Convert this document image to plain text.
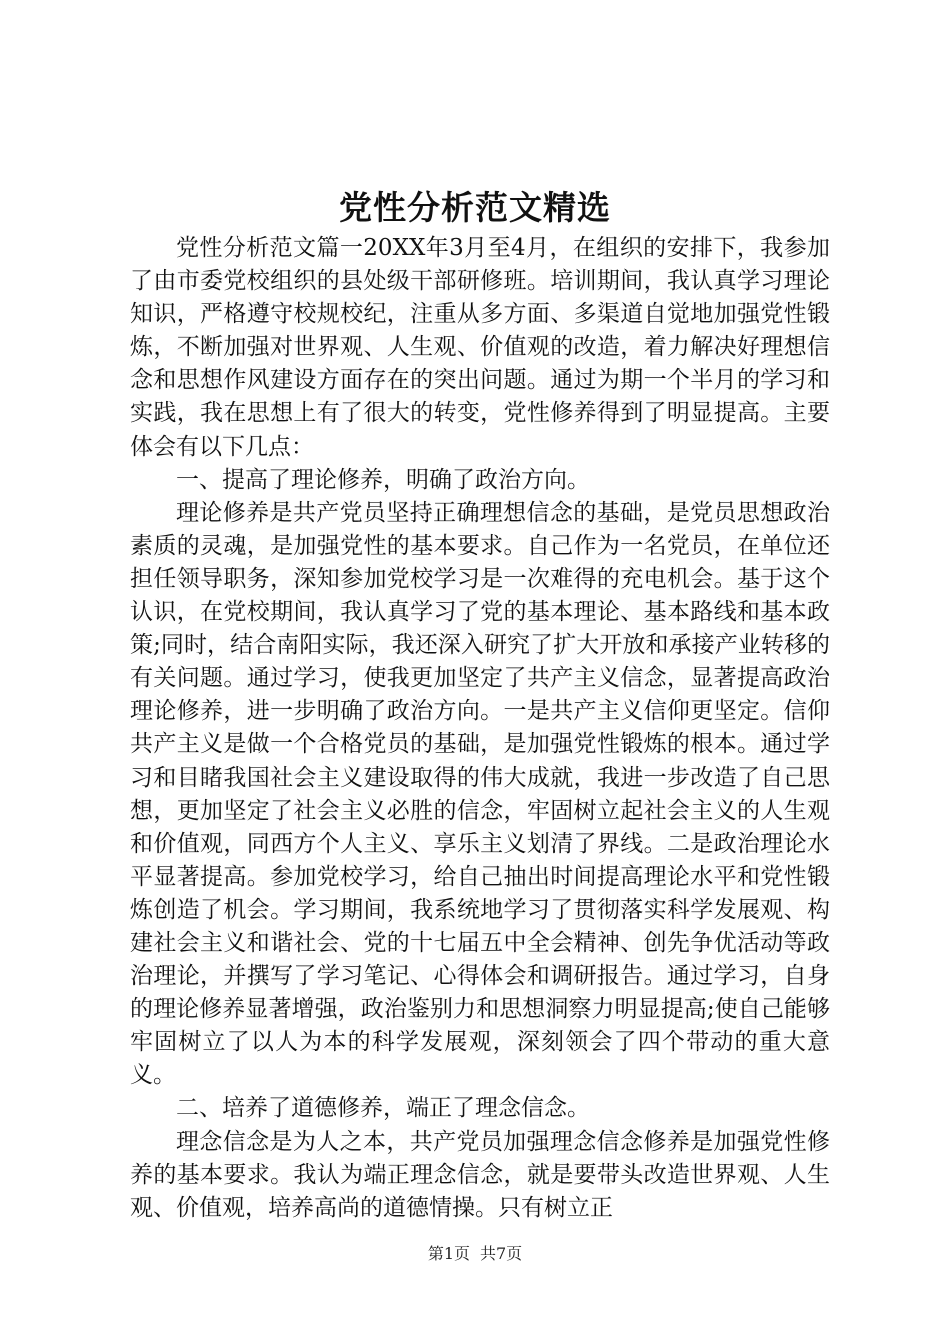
党性分析范文精选

党性分析范文篇一20XX年3月至4月，在组织的安排下，我参加了由市委党校组织的县处级干部研修班。培训期间，我认真学习理论知识，严格遵守校规校纪，注重从多方面、多渠道自觉地加强党性锻炼，不断加强对世界观、人生观、价值观的改造，着力解决好理想信念和思想作风建设方面存在的突出问题。通过为期一个半月的学习和实践，我在思想上有了很大的转变，党性修养得到了明显提高。主要体会有以下几点：

一、提高了理论修养，明确了政治方向。

理论修养是共产党员坚持正确理想信念的基础，是党员思想政治素质的灵魂，是加强党性的基本要求。自己作为一名党员，在单位还担任领导职务，深知参加党校学习是一次难得的充电机会。基于这个认识，在党校期间，我认真学习了党的基本理论、基本路线和基本政策;同时，结合南阳实际，我还深入研究了扩大开放和承接产业转移的有关问题。通过学习，使我更加坚定了共产主义信念，显著提高政治理论修养，进一步明确了政治方向。一是共产主义信仰更坚定。信仰共产主义是做一个合格党员的基础，是加强党性锻炼的根本。通过学习和目睹我国社会主义建设取得的伟大成就，我进一步改造了自己思想，更加坚定了社会主义必胜的信念，牢固树立起社会主义的人生观和价值观，同西方个人主义、享乐主义划清了界线。二是政治理论水平显著提高。参加党校学习，给自己抽出时间提高理论水平和党性锻炼创造了机会。学习期间，我系统地学习了贯彻落实科学发展观、构建社会主义和谐社会、党的十七届五中全会精神、创先争优活动等政治理论，并撰写了学习笔记、心得体会和调研报告。通过学习，自身的理论修养显著增强，政治鉴别力和思想洞察力明显提高;使自己能够牢固树立了以人为本的科学发展观，深刻领会了四个带动的重大意义。

二、培养了道德修养，端正了理念信念。

理念信念是为人之本，共产党员加强理念信念修养是加强党性修养的基本要求。我认为端正理念信念，就是要带头改造世界观、人生观、价值观，培养高尚的道德情操。只有树立正

第1页 共7页
